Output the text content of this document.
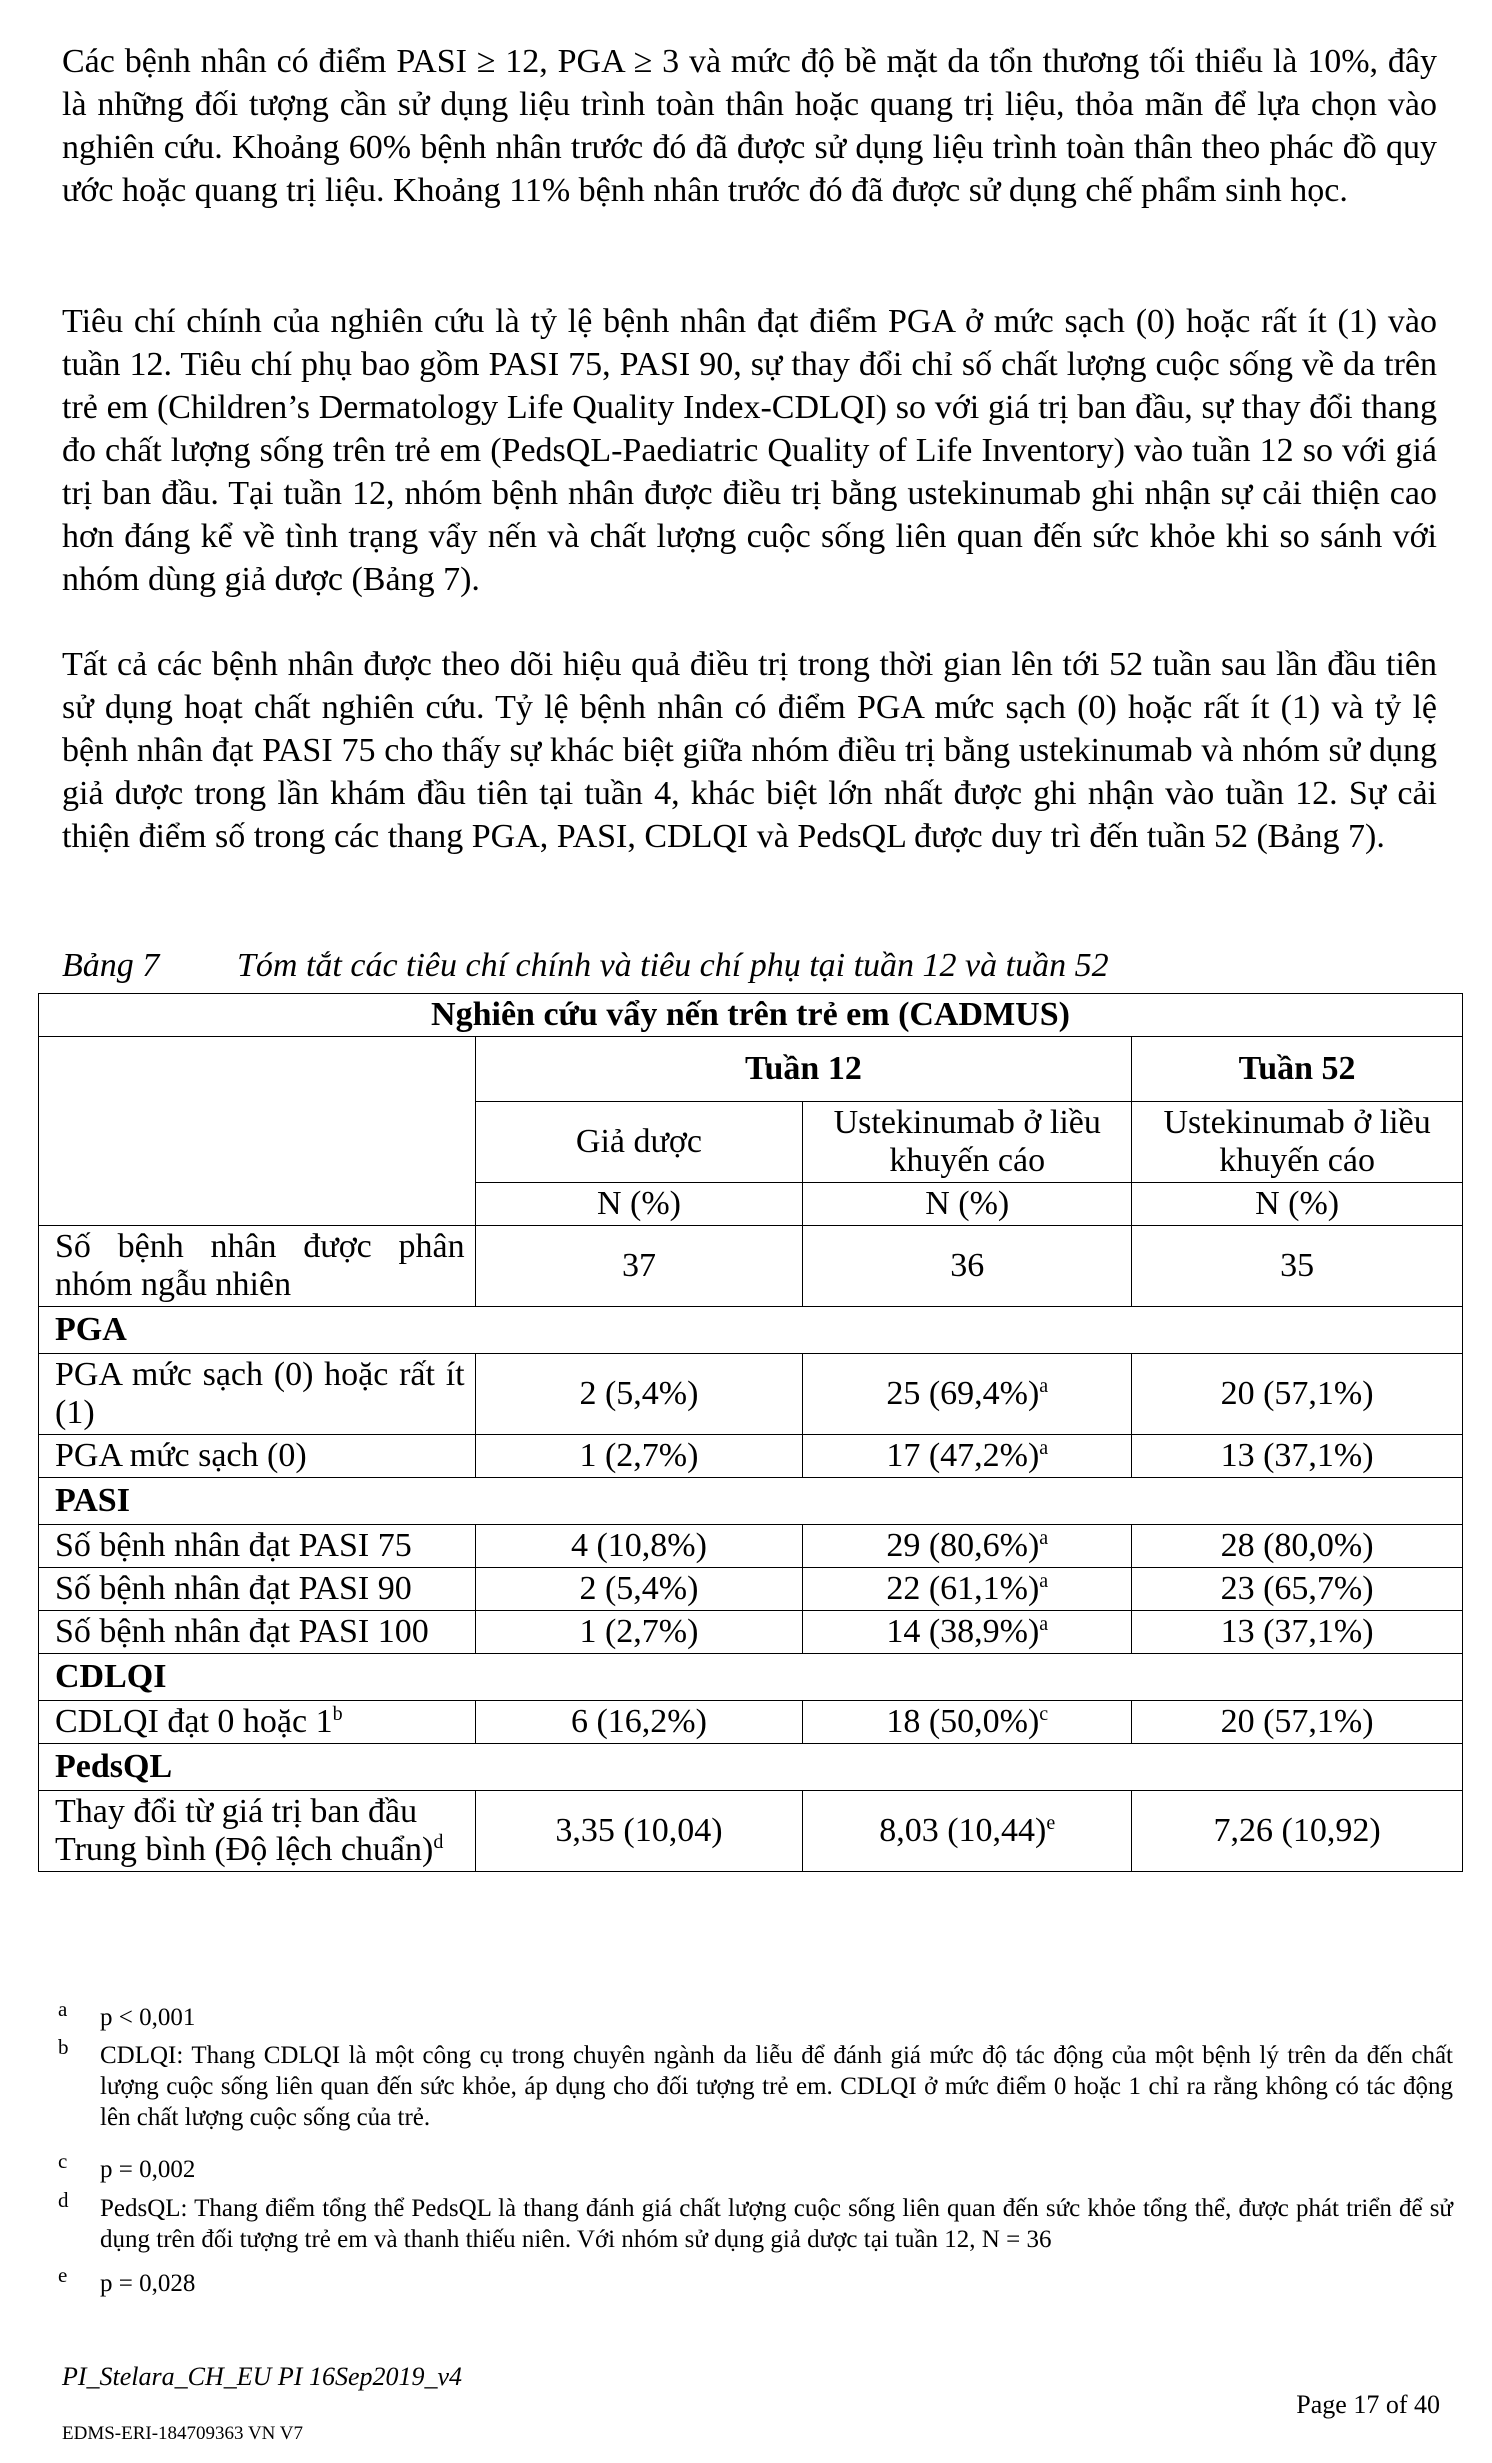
Các bệnh nhân có điểm PASI ≥ 12, PGA ≥ 3 và mức độ bề mặt da tổn thương tối thiểu là 10%, đây là những đối tượng cần sử dụng liệu trình toàn thân hoặc quang trị liệu, thỏa mãn để lựa chọn vào nghiên cứu. Khoảng 60% bệnh nhân trước đó đã được sử dụng liệu trình toàn thân theo phác đồ quy ước hoặc quang trị liệu. Khoảng 11% bệnh nhân trước đó đã được sử dụng chế phẩm sinh học.

Tiêu chí chính của nghiên cứu là tỷ lệ bệnh nhân đạt điểm PGA ở mức sạch (0) hoặc rất ít (1) vào tuần 12. Tiêu chí phụ bao gồm PASI 75, PASI 90, sự thay đổi chỉ số chất lượng cuộc sống về da trên trẻ em (Children’s Dermatology Life Quality Index-CDLQI) so với giá trị ban đầu, sự thay đổi thang đo chất lượng sống trên trẻ em (PedsQL-Paediatric Quality of Life Inventory) vào tuần 12 so với giá trị ban đầu. Tại tuần 12, nhóm bệnh nhân được điều trị bằng ustekinumab ghi nhận sự cải thiện cao hơn đáng kể về tình trạng vẩy nến và chất lượng cuộc sống liên quan đến sức khỏe khi so sánh với nhóm dùng giả dược (Bảng 7).

Tất cả các bệnh nhân được theo dõi hiệu quả điều trị trong thời gian lên tới 52 tuần sau lần đầu tiên sử dụng hoạt chất nghiên cứu. Tỷ lệ bệnh nhân có điểm PGA mức sạch (0) hoặc rất ít (1) và tỷ lệ bệnh nhân đạt PASI 75 cho thấy sự khác biệt giữa nhóm điều trị bằng ustekinumab và nhóm sử dụng giả dược trong lần khám đầu tiên tại tuần 4, khác biệt lớn nhất được ghi nhận vào tuần 12. Sự cải thiện điểm số trong các thang PGA, PASI, CDLQI và PedsQL được duy trì đến tuần 52 (Bảng 7).

Bảng 7 Tóm tắt các tiêu chí chính và tiêu chí phụ tại tuần 12 và tuần 52
Nghiên cứu vẩy nến trên trẻ em (CADMUS)			
	Tuần 12		Tuần 52
	Giả dược	Ustekinumab ở liều khuyến cáo	Ustekinumab ở liều khuyến cáo
	N (%)	N (%)	N (%)
Số bệnh nhân được phân nhóm ngẫu nhiên	37	36	35
PGA			
PGA mức sạch (0) hoặc rất ít (1)	2 (5,4%)	25 $(69,4\%)^a$	20 (57,1%)
PGA mức sạch (0)	1 (2,7%)	17 $(47,2\%)^a$	13 (37,1%)
PASI			
Số bệnh nhân đạt PASI 75	4 (10,8%)	29 $(80,6\%)^a$	28 (80,0%)
Số bệnh nhân đạt PASI 90	2 (5,4%)	22 $(61,1\%)^a$	23 (65,7%)
Số bệnh nhân đạt PASI 100	1 (2,7%)	14 $(38,9\%)^a$	13 (37,1%)
CDLQI			
CDLQI đạt 0 hoặc 1$^b$	6 (16,2%)	18 $(50,0\%)^c$	20 (57,1%)
PedsQL			
Thay đổi từ giá trị ban đầu
Trung bình (Độ lệch chuẩn)$^d$	3,35 (10,04)	8,03 $(10,44)^e$	7,26 (10,92)
a p < 0,001
b CDLQI: Thang CDLQI là một công cụ trong chuyên ngành da liễu để đánh giá mức độ tác động của một bệnh lý trên da đến chất lượng cuộc sống liên quan đến sức khỏe, áp dụng cho đối tượng trẻ em. CDLQI ở mức điểm 0 hoặc 1 chỉ ra rằng không có tác động lên chất lượng cuộc sống của trẻ.
c p = 0,002
d PedsQL: Thang điểm tổng thể PedsQL là thang đánh giá chất lượng cuộc sống liên quan đến sức khỏe tổng thể, được phát triển để sử dụng trên đối tượng trẻ em và thanh thiếu niên. Với nhóm sử dụng giả dược tại tuần 12, N = 36
e p = 0,028
PI_Stelara_CH_EU PI 16Sep2019_v4
Page 17 of 40
EDMS-ERI-184709363 VN V7
